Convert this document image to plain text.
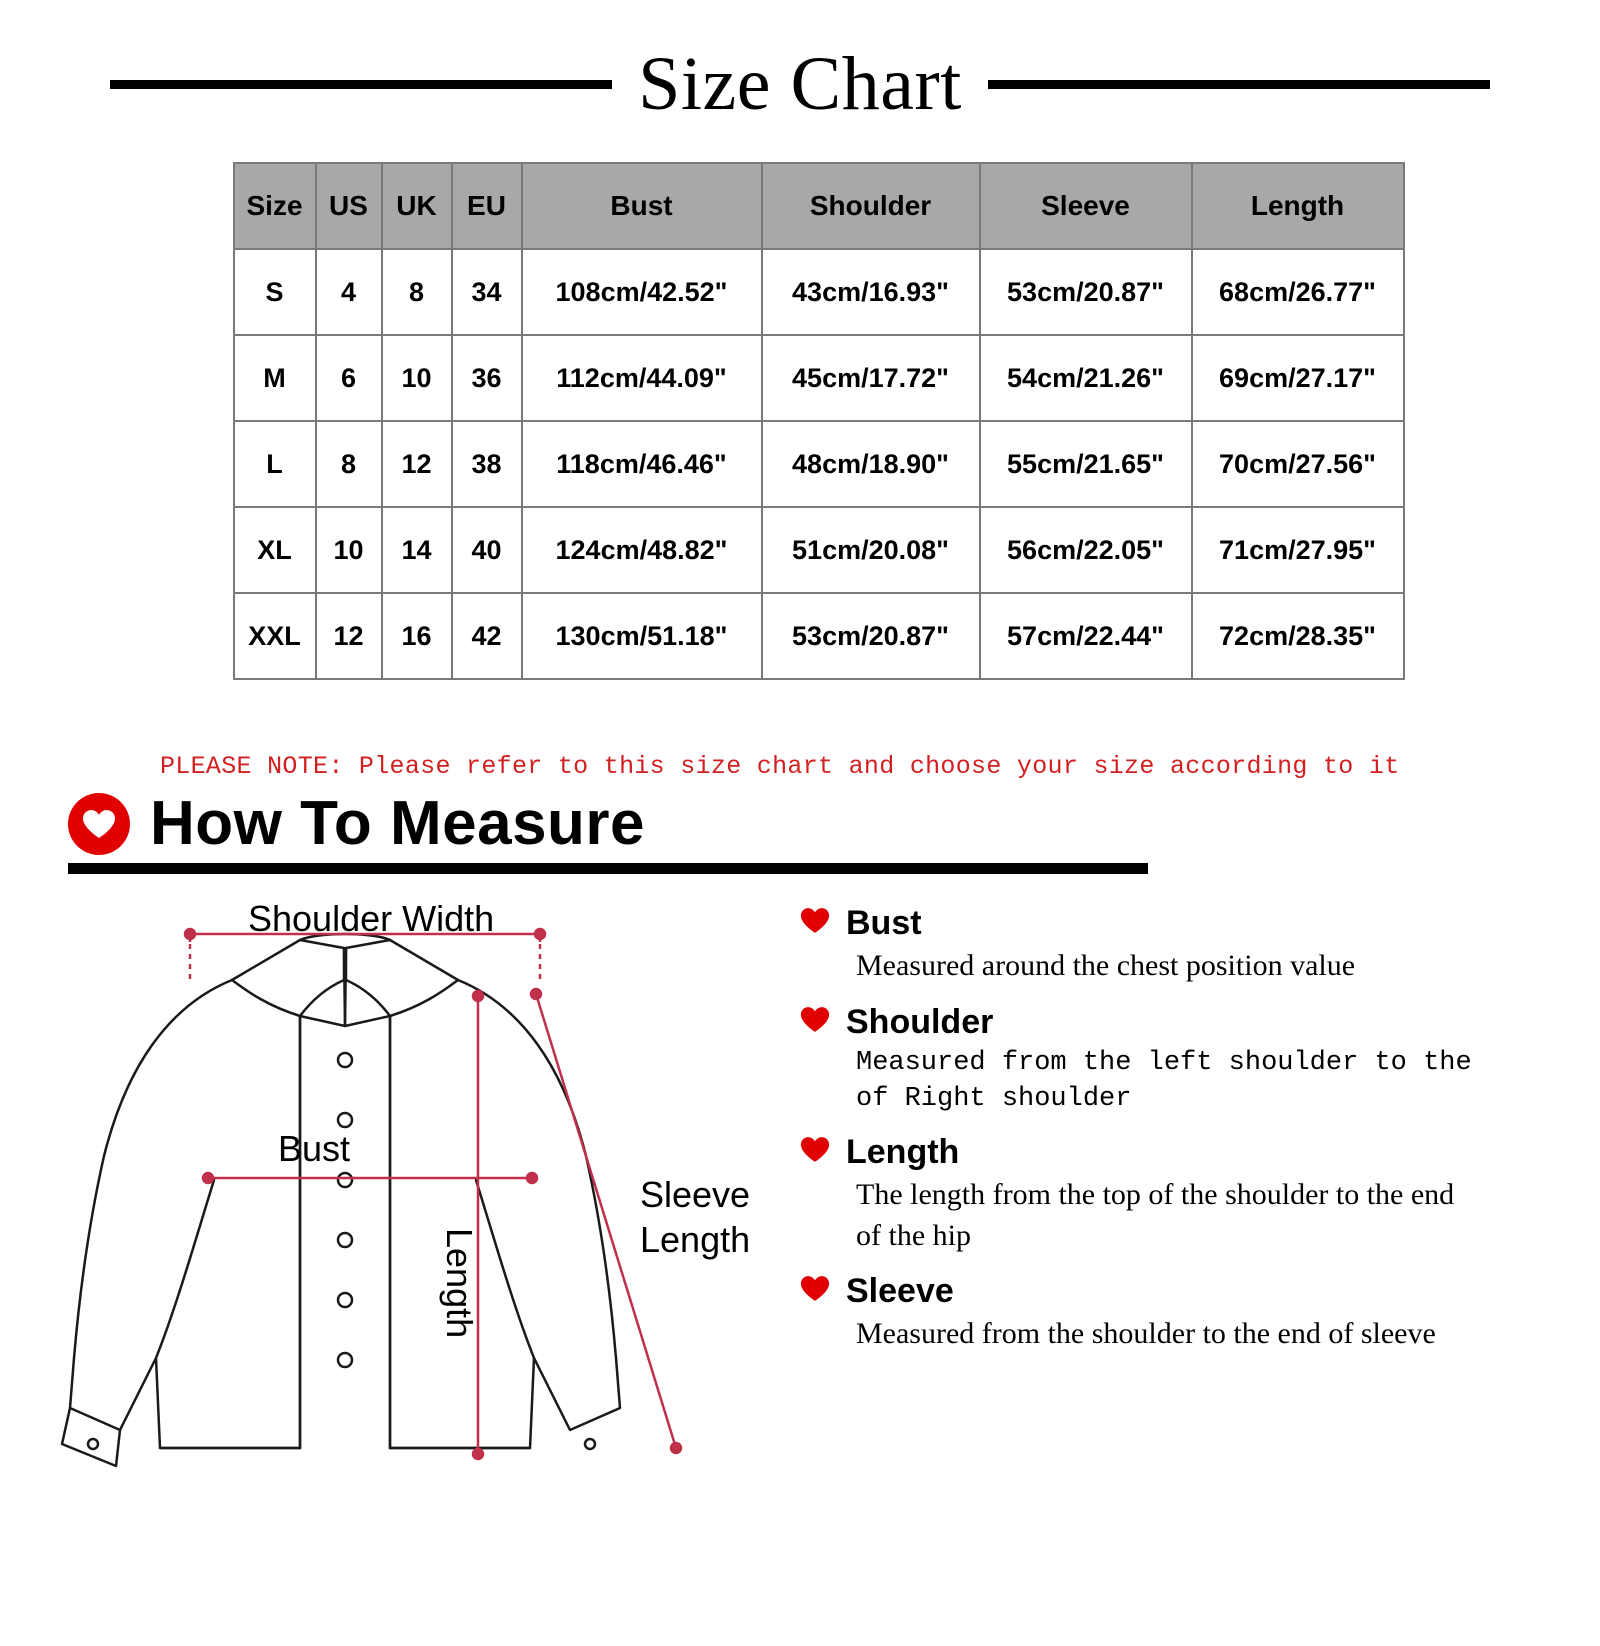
Size Chart
Size	US	UK	EU	Bust	Shoulder	Sleeve	Length
S	4	8	34	108cm/42.52"	43cm/16.93"	53cm/20.87"	68cm/26.77"
M	6	10	36	112cm/44.09"	45cm/17.72"	54cm/21.26"	69cm/27.17"
L	8	12	38	118cm/46.46"	48cm/18.90"	55cm/21.65"	70cm/27.56"
XL	10	14	40	124cm/48.82"	51cm/20.08"	56cm/22.05"	71cm/27.95"
XXL	12	16	42	130cm/51.18"	53cm/20.87"	57cm/22.44"	72cm/28.35"
PLEASE NOTE: Please refer to this size chart and choose your size according to it
How To Measure
Shoulder Width
Bust
Length
Sleeve
Length
Bust
Measured around the chest position value
Shoulder
Measured from the left shoulder to the of Right shoulder
Length
The length from the top of the shoulder to the end of the hip
Sleeve
Measured from the shoulder to the end of sleeve
